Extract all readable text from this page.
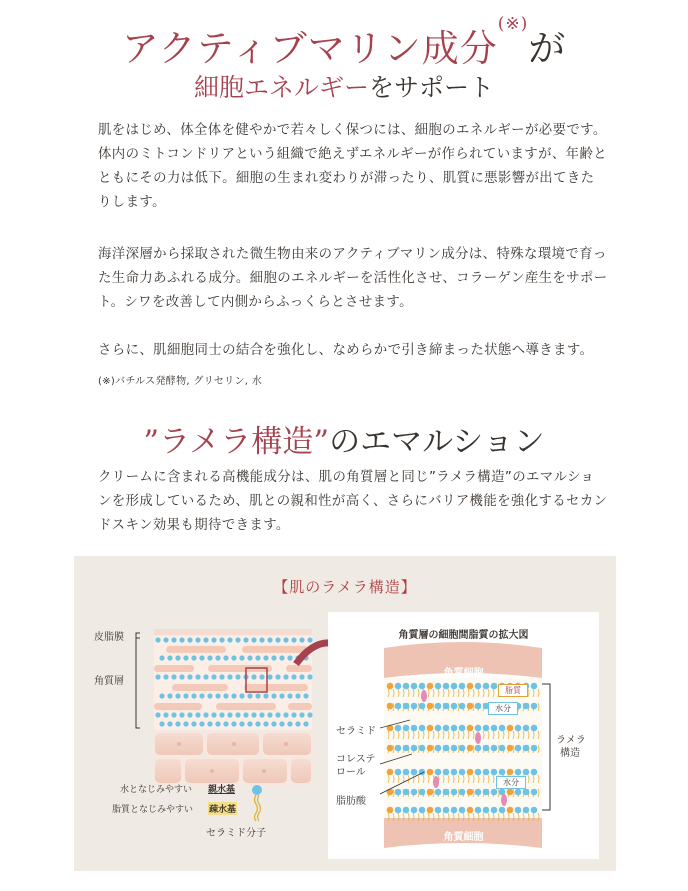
アクティブマリン成分(※)が
細胞エネルギーをサポート

肌をはじめ、体全体を健やかで若々しく保つには、細胞のエネルギーが必要です。体内のミトコンドリアという組織で絶えずエネルギーが作られていますが、年齢とともにその力は低下。細胞の生まれ変わりが滞ったり、肌質に悪影響が出てきたりします。

海洋深層から採取された微生物由来のアクティブマリン成分は、特殊な環境で育った生命力あふれる成分。細胞のエネルギーを活性化させ、コラーゲン産生をサポート。シワを改善して内側からふっくらとさせます。

さらに、肌細胞同士の結合を強化し、なめらかで引き締まった状態へ導きます。

(※)バチルス発酵物, グリセリン, 水
”ラメラ構造”のエマルション

クリームに含まれる高機能成分は、肌の角質層と同じ”ラメラ構造”のエマルションを形成しているため、肌との親和性が高く、さらにバリア機能を強化するセカンドスキン効果も期待できます。

【肌のラメラ構造】
皮脂膜
角質層
水となじみやすい 親水基
脂質となじみやすい 疎水基
セラミド分子
角質層の細胞間脂質の拡大図
角質細胞
角質細胞
脂質
水分
水分
セラミド
コレステ
ロール
脂肪酸
ラメラ
構造
